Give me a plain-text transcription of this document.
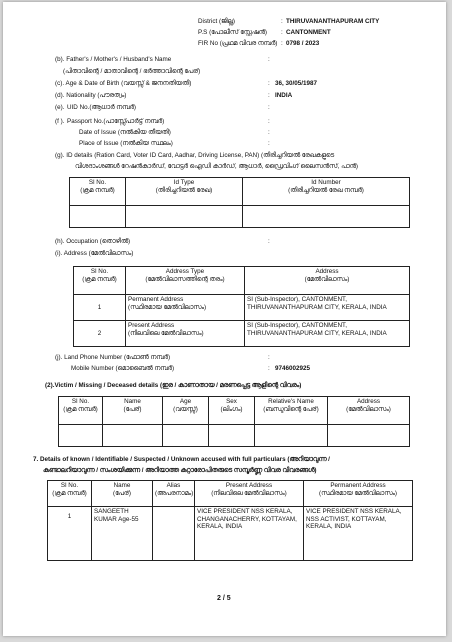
District (ജില്ല)	: THIRUVANANTHAPURAM CITY
P.S (പോലീസ് സ്റ്റേഷൻ) : CANTONMENT
FIR No (പ്രഥമ വിവര നമ്പർ) : 0798 / 2023
(b). Father's / Mother's / Husband's Name	:
(പിതാവിന്റെ / മാതാവിന്റെ / ഭർത്താവിന്റെ പേര്)
(c). Age & Date of Birth (വയസ്സ് & ജനനതിയതി)	: 36, 30/05/1987
(d). Nationality (പൗരത്വം)	: INDIA
(e). UID No.(ആധാർ നമ്പർ)	:
(f ). Passport No.(പാസ്സ്പോർട്ട് നമ്പർ)	:
Date of Issue (നൽകിയ തീയതി)	:
Place of Issue (നൽകിയ സ്ഥലം)	:
(g). ID details (Ration Card, Voter ID Card, Aadhar, Driving License, PAN) (തിരിച്ചറിയൽ രേഖകളുടെ
വിശദാംശങ്ങൾ റേഷൻകാർഡ്, വോട്ടർ ഐഡി കാർഡ്, ആധാർ, ഡ്രൈവിംഗ് ലൈസൻസ്, പാൻ)
Sl No.
(ക്രമ നമ്പർ)	Id Type
(തിരിച്ചറിയൽ രേഖ)	Id Number
(തിരിച്ചറിയൽ രേഖ നമ്പർ)

(h). Occupation (തൊഴിൽ)	:
(i). Address (മേൽവിലാസം)
Sl No.
(ക്രമ നമ്പർ)	Address Type
(മേൽവിലാസത്തിന്റെ തരം)	Address
(മേൽവിലാസം)
1	Permanent Address
(സ്ഥിരമായ മേൽവിലാസം)	SI (Sub-Inspector), CANTONMENT, THIRUVANANTHAPURAM CITY, KERALA, INDIA
2	Present Address
(നിലവിലെ മേൽവിലാസം)	SI (Sub-Inspector), CANTONMENT, THIRUVANANTHAPURAM CITY, KERALA, INDIA
(j). Land Phone Number (ഫോൺ നമ്പർ)	:
Mobile Number (മൊബൈൽ നമ്പർ)	: 9746002925
(2).Victim / Missing / Deceased details (ഇര / കാണാതായ / മരണപ്പെട്ട ആളിന്റെ വിവരം)
Sl No.
(ക്രമ നമ്പർ)	Name
(പേര്)	Age
(വയസ്സ്)	Sex
(ലിംഗം)	Relative's Name
(ബന്ധുവിന്റെ പേര്)	Address
(മേൽവിലാസം)

7. Details of known / Identifiable / Suspected / Unknown accused with full particulars (അറിയാവുന്ന /
കണ്ടാലറിയാവുന്ന / സംശയിക്കുന്ന / അറിയാത്ത കുറ്റാരോപിതരുടെ സമ്പൂർണ്ണ വിവര വിവരങ്ങൾ)
Sl No.
(ക്രമ നമ്പർ)	Name
(പേര്)	Alias
(അപരനാമം)	Present Address
(നിലവിലെ മേൽവിലാസം)	Permanent Address
(സ്ഥിരമായ മേൽവിലാസം)
1	SANGEETH KUMAR Age-55		VICE PRESIDENT NSS KERALA, CHANGANACHERRY, KOTTAYAM, KERALA, INDIA	VICE PRESIDENT NSS KERALA, NSS ACTIVIST, KOTTAYAM, KERALA, INDIA
2 / 5
